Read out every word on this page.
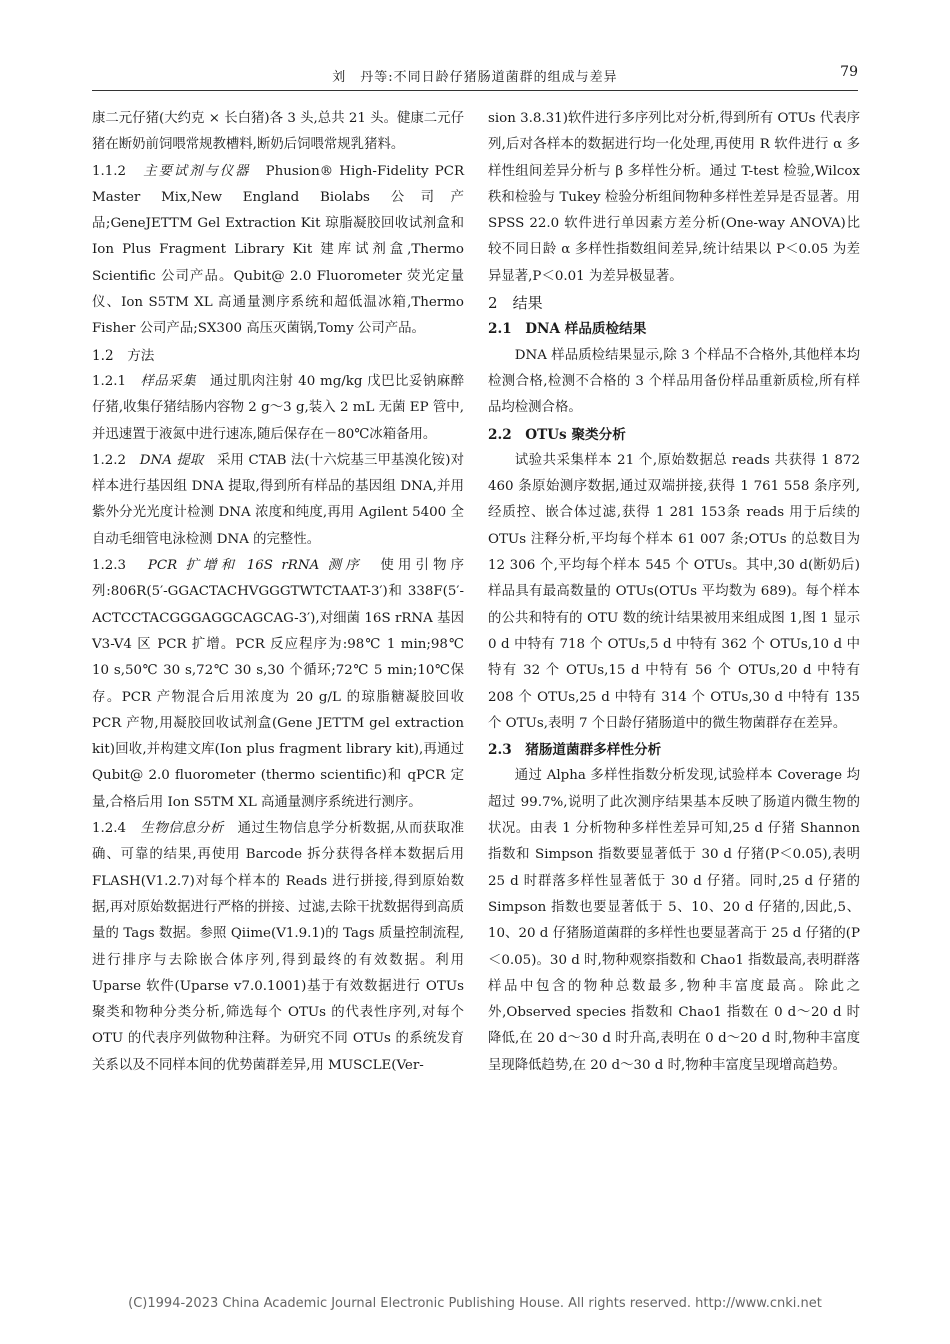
刘　丹等:不同日龄仔猪肠道菌群的组成与差异	79

康二元仔猪(大约克 × 长白猪)各 3 头,总共 21 头。健康二元仔猪在断奶前饲喂常规教槽料,断奶后饲喂常规乳猪料。

1.1.2　 主要试剂与仪器　 Phusion® High-Fidelity PCR Master Mix,New England Biolabs 公司产品;GeneJETTM Gel Extraction Kit 琼脂凝胶回收试剂盒和 Ion Plus Fragment Library Kit 建库试剂盒,Thermo Scientific 公司产品。Qubit@ 2.0 Fluorometer 荧光定量仪、Ion S5TM XL 高通量测序系统和超低温冰箱,Thermo Fisher 公司产品;SX300 高压灭菌锅,Tomy 公司产品。

1.2　 方法

1.2.1　 样品采集　 通过肌肉注射 40 mg/kg 戊巴比妥钠麻醉仔猪,收集仔猪结肠内容物 2 g～3 g,装入 2 mL 无菌 EP 管中,并迅速置于液氮中进行速冻,随后保存在－80℃冰箱备用。

1.2.2　 DNA 提取　 采用 CTAB 法(十六烷基三甲基溴化铵)对样本进行基因组 DNA 提取,得到所有样品的基因组 DNA,并用紫外分光光度计检测 DNA 浓度和纯度,再用 Agilent 5400 全自动毛细管电泳检测 DNA 的完整性。

1.2.3　 PCR 扩增和 16S rRNA 测序　 使用引物序列:806R(5′-GGACTACHVGGGTWTCTAAT-3′)和 338F(5′-ACTCCTACGGGAGGCAGCAG-3′),对细菌 16S rRNA 基因 V3-V4 区 PCR 扩增。PCR 反应程序为:98℃ 1 min;98℃ 10 s,50℃ 30 s,72℃ 30 s,30 个循环;72℃ 5 min;10℃保存。PCR 产物混合后用浓度为 20 g/L 的琼脂糖凝胶回收 PCR 产物,用凝胶回收试剂盒(Gene JETTM gel extraction kit)回收,并构建文库(Ion plus fragment library kit),再通过 Qubit@ 2.0 fluorometer (thermo scientific)和 qPCR 定量,合格后用 Ion S5TM XL 高通量测序系统进行测序。

1.2.4　 生物信息分析　 通过生物信息学分析数据,从而获取准确、可靠的结果,再使用 Barcode 拆分获得各样本数据后用 FLASH(V1.2.7)对每个样本的 Reads 进行拼接,得到原始数据,再对原始数据进行严格的拼接、过滤,去除干扰数据得到高质量的 Tags 数据。参照 Qiime(V1.9.1)的 Tags 质量控制流程,进行排序与去除嵌合体序列,得到最终的有效数据。利用 Uparse 软件(Uparse v7.0.1001)基于有效数据进行 OTUs 聚类和物种分类分析,筛选每个 OTUs 的代表性序列,对每个 OTU 的代表序列做物种注释。为研究不同 OTUs 的系统发育关系以及不同样本间的优势菌群差异,用 MUSCLE(Ver-

sion 3.8.31)软件进行多序列比对分析,得到所有 OTUs 代表序列,后对各样本的数据进行均一化处理,再使用 R 软件进行 α 多样性组间差异分析与 β 多样性分析。通过 T-test 检验,Wilcox 秩和检验与 Tukey 检验分析组间物种多样性差异是否显著。用 SPSS 22.0 软件进行单因素方差分析(One-way ANOVA)比较不同日龄 α 多样性指数组间差异,统计结果以 P＜0.05 为差异显著,P＜0.01 为差异极显著。

2　 结果
2.1　 DNA 样品质检结果

DNA 样品质检结果显示,除 3 个样品不合格外,其他样本均检测合格,检测不合格的 3 个样品用备份样品重新质检,所有样品均检测合格。

2.2　 OTUs 聚类分析

试验共采集样本 21 个,原始数据总 reads 共获得 1 872 460 条原始测序数据,通过双端拼接,获得 1 761 558 条序列,经质控、嵌合体过滤,获得 1 281 153条 reads 用于后续的 OTUs 注释分析,平均每个样本 61 007 条;OTUs 的总数目为 12 306 个,平均每个样本 545 个 OTUs。其中,30 d(断奶后)样品具有最高数量的 OTUs(OTUs 平均数为 689)。每个样本的公共和特有的 OTU 数的统计结果被用来组成图 1,图 1 显示 0 d 中特有 718 个 OTUs,5 d 中特有 362 个 OTUs,10 d 中特有 32 个 OTUs,15 d 中特有 56 个 OTUs,20 d 中特有 208 个 OTUs,25 d 中特有 314 个 OTUs,30 d 中特有 135 个 OTUs,表明 7 个日龄仔猪肠道中的微生物菌群存在差异。

2.3　 猪肠道菌群多样性分析

通过 Alpha 多样性指数分析发现,试验样本 Coverage 均超过 99.7%,说明了此次测序结果基本反映了肠道内微生物的状况。由表 1 分析物种多样性差异可知,25 d 仔猪 Shannon 指数和 Simpson 指数要显著低于 30 d 仔猪(P＜0.05),表明 25 d 时群落多样性显著低于 30 d 仔猪。同时,25 d 仔猪的 Simpson 指数也要显著低于 5、10、20 d 仔猪的,因此,5、10、20 d 仔猪肠道菌群的多样性也要显著高于 25 d 仔猪的(P＜0.05)。30 d 时,物种观察指数和 Chao1 指数最高,表明群落样品中包含的物种总数最多,物种丰富度最高。除此之外,Observed species 指数和 Chao1 指数在 0 d～20 d 时降低,在 20 d～30 d 时升高,表明在 0 d～20 d 时,物种丰富度呈现降低趋势,在 20 d～30 d 时,物种丰富度呈现增高趋势。

(C)1994-2023 China Academic Journal Electronic Publishing House. All rights reserved. http://www.cnki.net
